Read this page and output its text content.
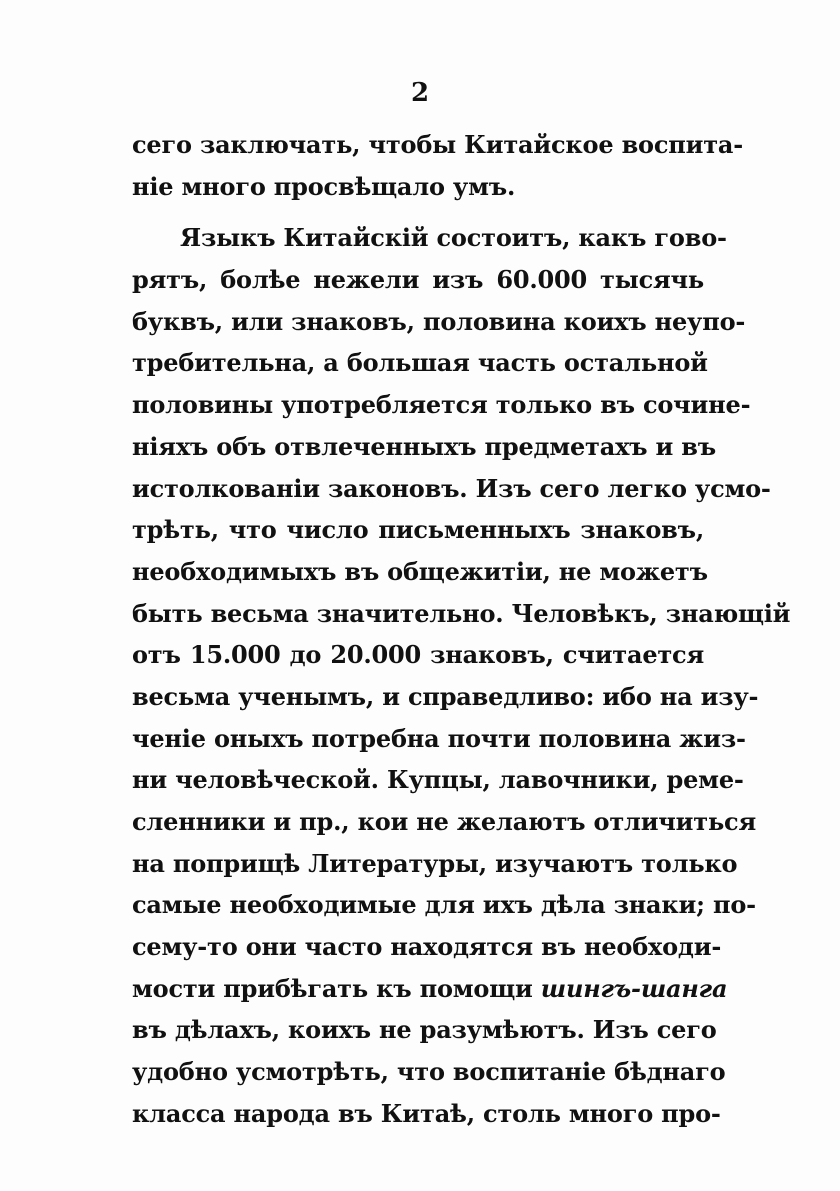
2
сего заключать, чтобы Китайское воспита-
ніе много просвѣщало умъ.
Языкъ Китайскій состоитъ, какъ гово-
рятъ, болѣе нежели изъ 60.000 тысячь
буквъ, или знаковъ, половина коихъ неупо-
требительна, а большая часть остальной
половины употребляется только въ сочине-
ніяхъ объ отвлеченныхъ предметахъ и въ
истолкованіи законовъ. Изъ сего легко усмо-
трѣть, что число письменныхъ знаковъ,
необходимыхъ въ общежитіи, не можетъ
быть весьма значительно. Человѣкъ, знающій
отъ 15.000 до 20.000 знаковъ, считается
весьма ученымъ, и справедливо: ибо на изу-
ченіе оныхъ потребна почти половина жиз-
ни человѣческой. Купцы, лавочники, реме-
сленники и пр., кои не желаютъ отличиться
на поприщѣ Литературы, изучаютъ только
самые необходимые для ихъ дѣла знаки; по-
сему-то они часто находятся въ необходи-
мости прибѣгать къ помощи шингъ-шанга
въ дѣлахъ, коихъ не разумѣютъ. Изъ сего
удобно усмотрѣть, что воспитаніе бѣднаго
класса народа въ Китаѣ, столь много про-
